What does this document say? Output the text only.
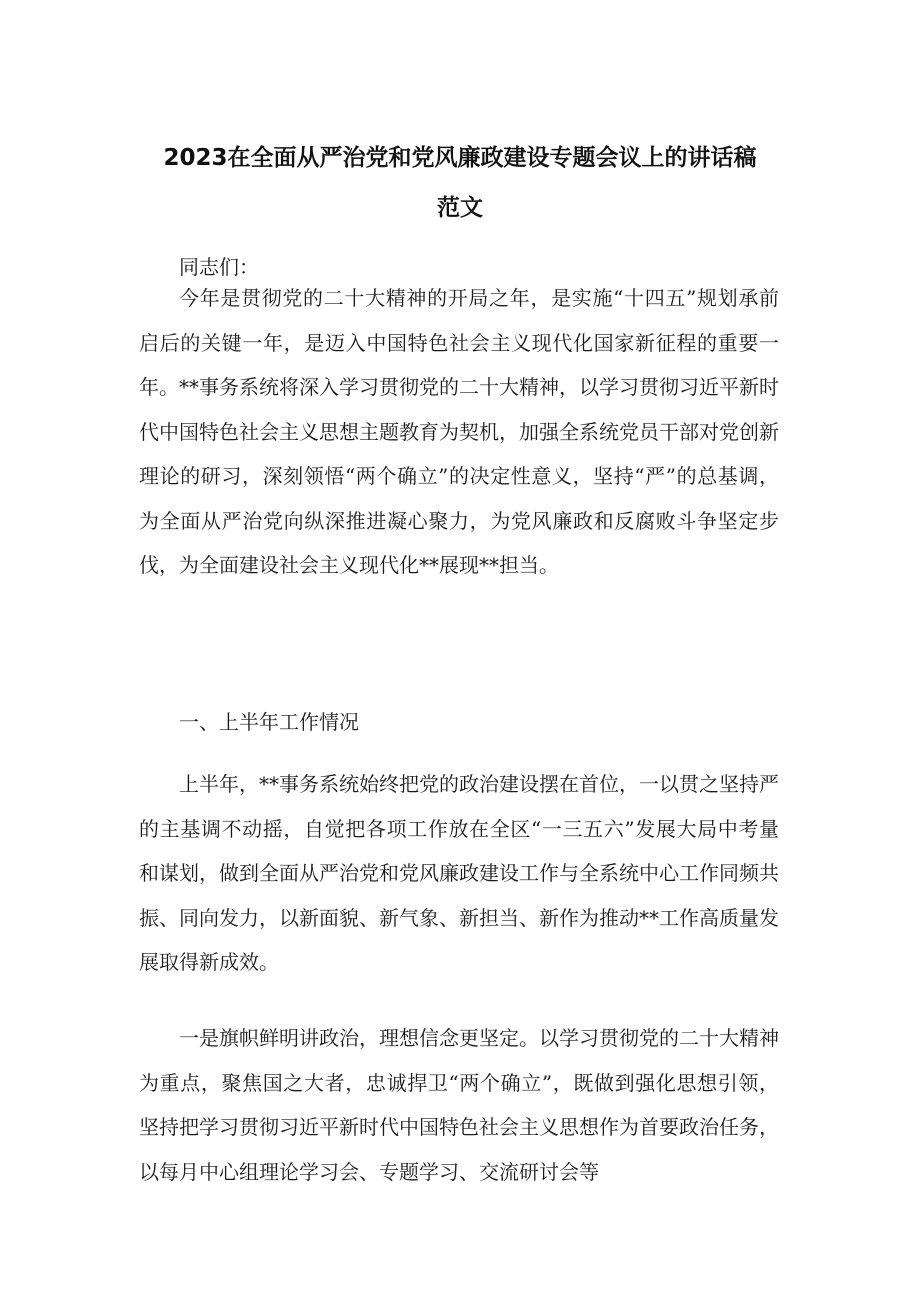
2023在全面从严治党和党风廉政建设专题会议上的讲话稿
范文

同志们：

今年是贯彻党的二十大精神的开局之年，是实施“十四五”规划承前启后的关键一年，是迈入中国特色社会主义现代化国家新征程的重要一年。**事务系统将深入学习贯彻党的二十大精神，以学习贯彻习近平新时代中国特色社会主义思想主题教育为契机，加强全系统党员干部对党创新理论的研习，深刻领悟“两个确立”的决定性意义，坚持“严”的总基调，为全面从严治党向纵深推进凝心聚力，为党风廉政和反腐败斗争坚定步伐，为全面建设社会主义现代化**展现**担当。

一、上半年工作情况

上半年，**事务系统始终把党的政治建设摆在首位，一以贯之坚持严的主基调不动摇，自觉把各项工作放在全区“一三五六”发展大局中考量和谋划，做到全面从严治党和党风廉政建设工作与全系统中心工作同频共振、同向发力，以新面貌、新气象、新担当、新作为推动**工作高质量发展取得新成效。

一是旗帜鲜明讲政治，理想信念更坚定。以学习贯彻党的二十大精神为重点，聚焦国之大者，忠诚捍卫“两个确立”，既做到强化思想引领，坚持把学习贯彻习近平新时代中国特色社会主义思想作为首要政治任务，以每月中心组理论学习会、专题学习、交流研讨会等
